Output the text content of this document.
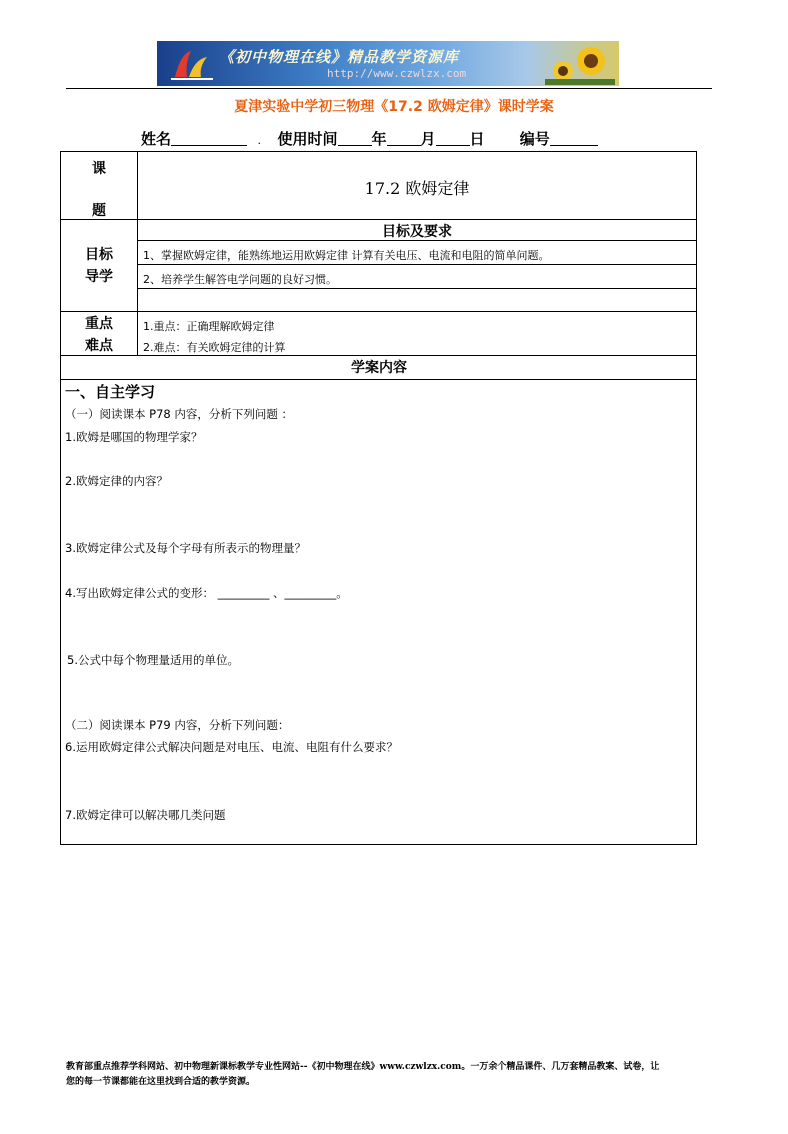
《初中物理在线》精品教学资源库
http://www.czwlzx.com
夏津实验中学初三物理《17.2 欧姆定律》课时学案
姓名	. 使用时间 年 月 日 编号
课
题
17.2 欧姆定律
目标及要求
目标
导学
1、掌握欧姆定律，能熟练地运用欧姆定律 计算有关电压、电流和电阻的简单问题。
2、培养学生解答电学问题的良好习惯。
重点
难点
1.重点：正确理解欧姆定律
2.难点：有关欧姆定律的计算
学案内容
一、自主学习
（一）阅读课本 P78 内容，分析下列问题 ：
1.欧姆是哪国的物理学家？
2.欧姆定律的内容？
3.欧姆定律公式及每个字母有所表示的物理量？
4.写出欧姆定律公式的变形： _________ 、_________。
5.公式中每个物理量适用的单位。
（二）阅读课本 P79 内容，分析下列问题：
6.运用欧姆定律公式解决问题是对电压、电流、电阻有什么要求？
7.欧姆定律可以解决哪几类问题
教育部重点推荐学科网站、初中物理新课标教学专业性网站--《初中物理在线》www.czwlzx.com。一万余个精品课件、几万套精品教案、试卷，让
您的每一节课都能在这里找到合适的教学资源。
